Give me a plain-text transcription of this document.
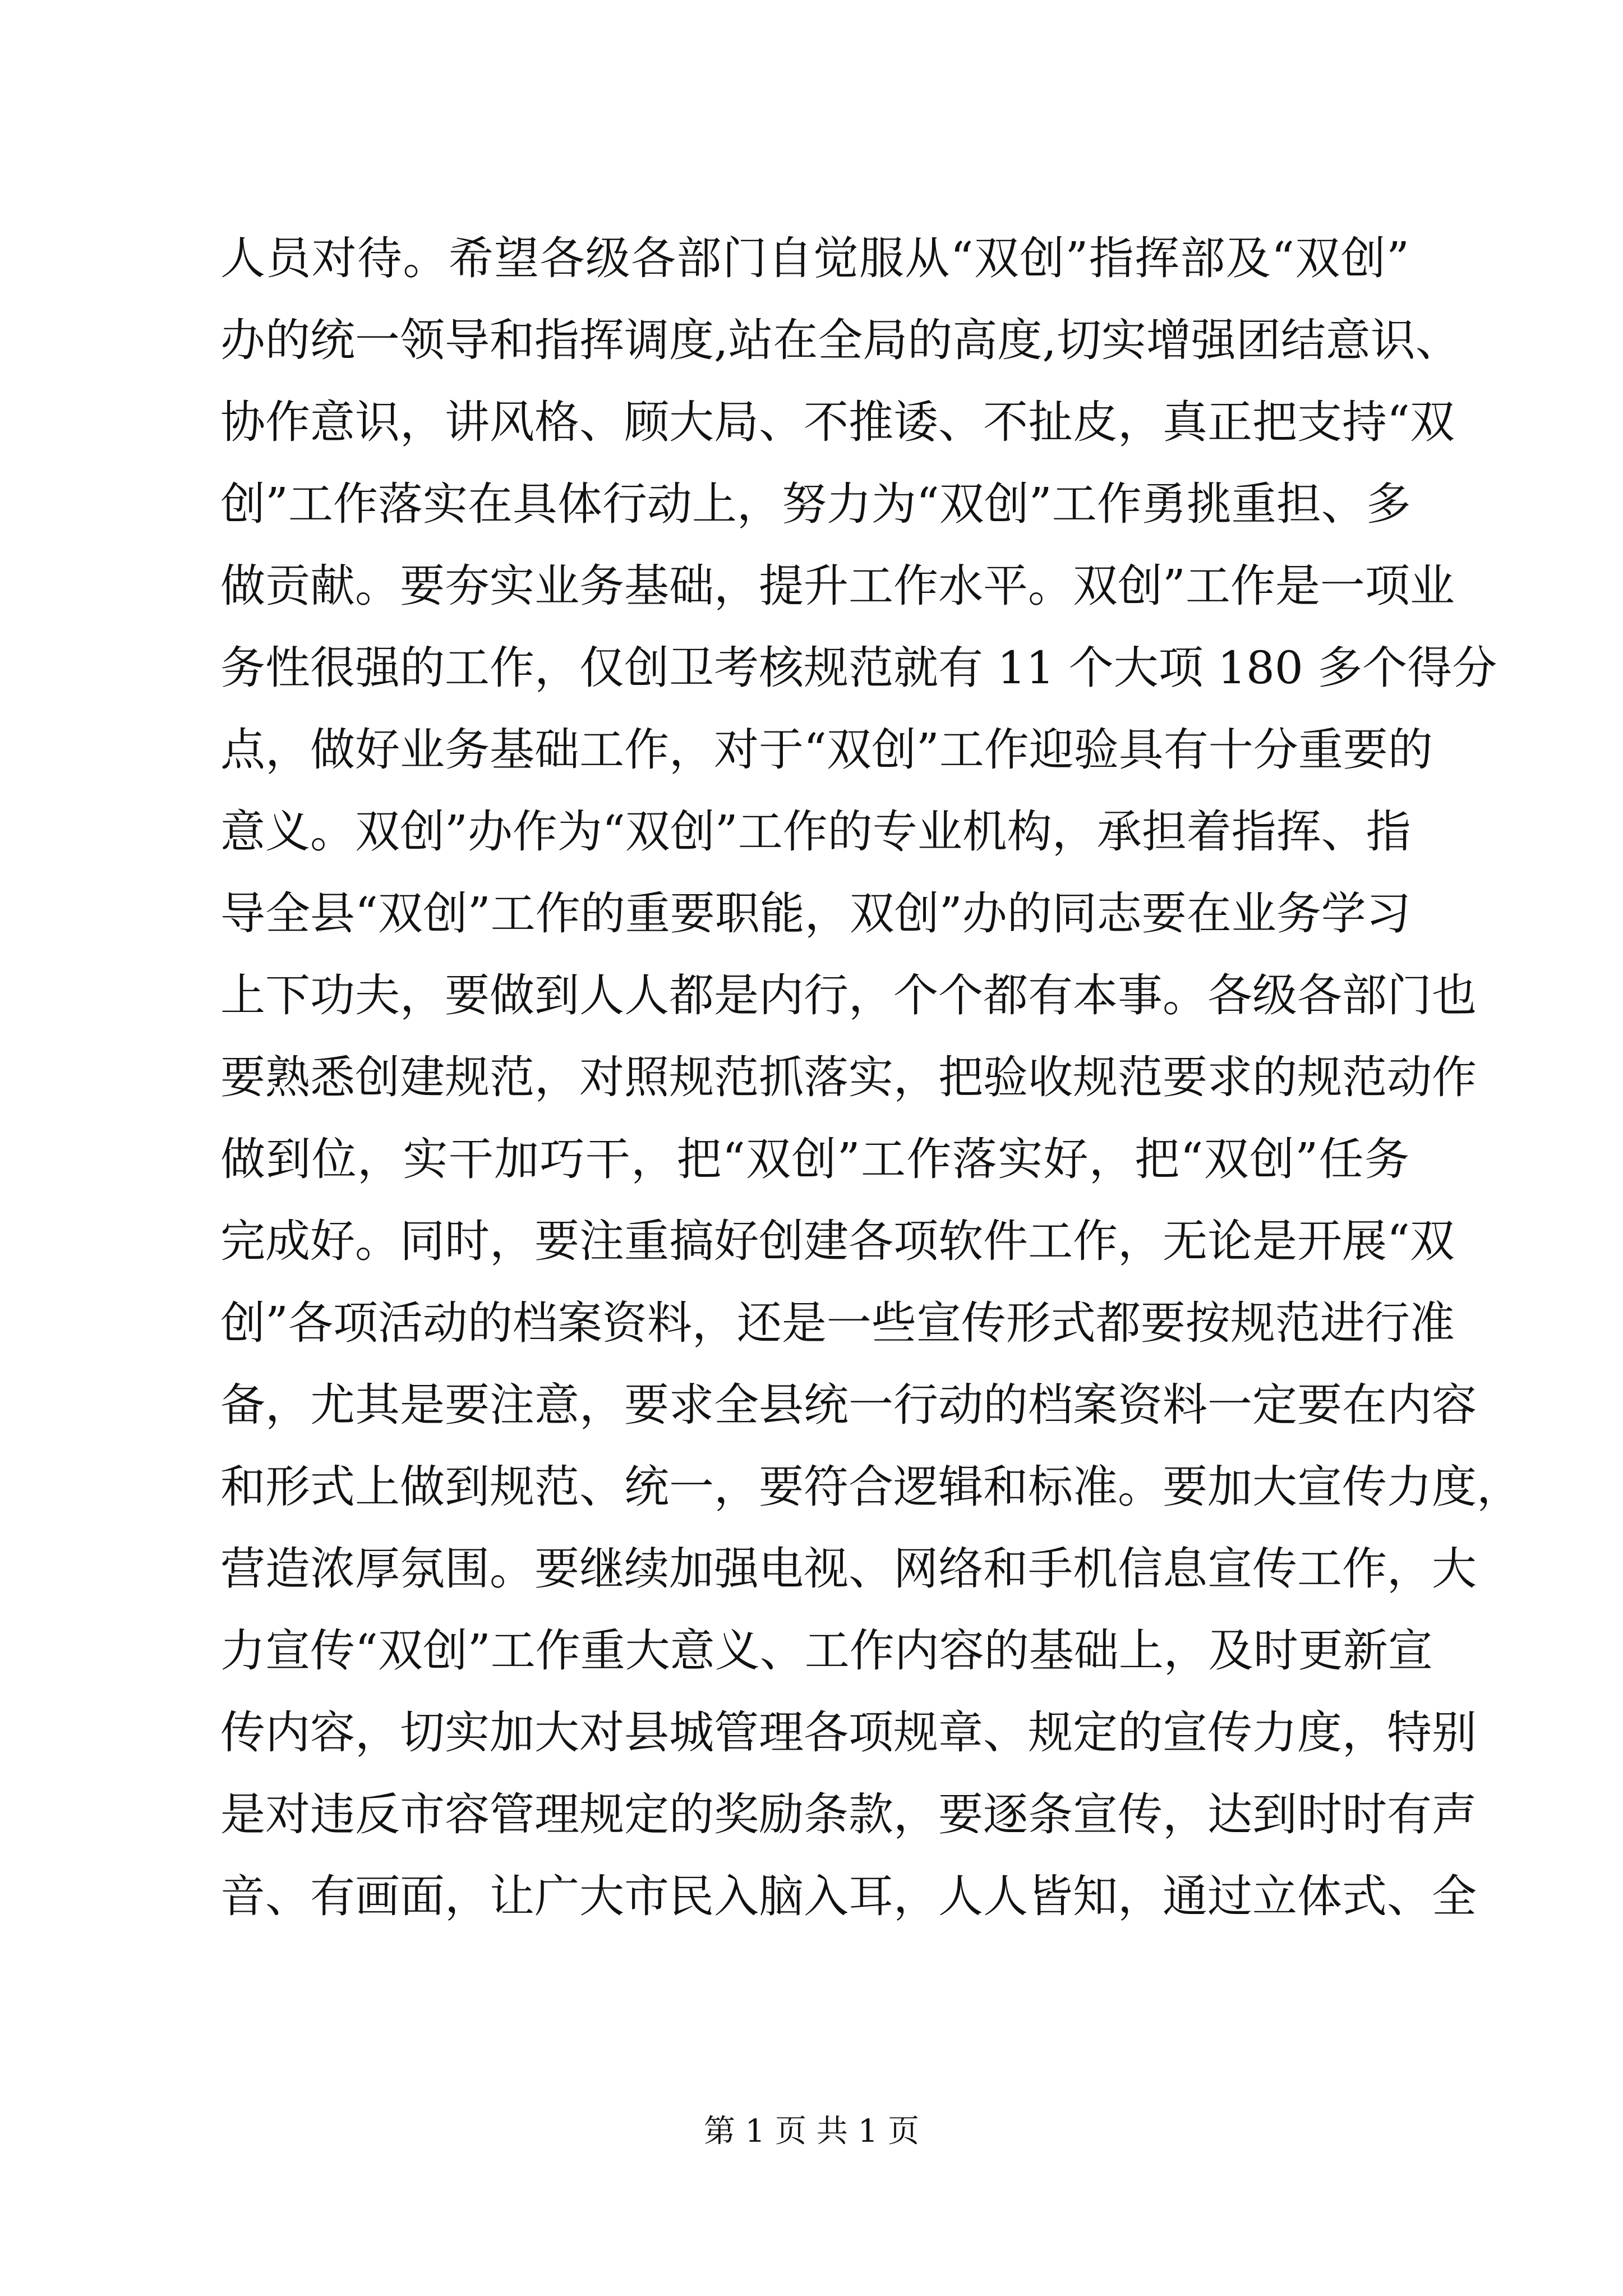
人员对待。希望各级各部门自觉服从“双创”指挥部及“双创”
办的统一领导和指挥调度,站在全局的高度,切实增强团结意识、
协作意识，讲风格、顾大局、不推诿、不扯皮，真正把支持“双
创”工作落实在具体行动上，努力为“双创”工作勇挑重担、多
做贡献。要夯实业务基础，提升工作水平。双创”工作是一项业
务性很强的工作，仅创卫考核规范就有 11 个大项 180 多个得分
点，做好业务基础工作，对于“双创”工作迎验具有十分重要的
意义。双创”办作为“双创”工作的专业机构，承担着指挥、指
导全县“双创”工作的重要职能，双创”办的同志要在业务学习
上下功夫，要做到人人都是内行，个个都有本事。各级各部门也
要熟悉创建规范，对照规范抓落实，把验收规范要求的规范动作
做到位，实干加巧干，把“双创”工作落实好，把“双创”任务
完成好。同时，要注重搞好创建各项软件工作，无论是开展“双
创”各项活动的档案资料，还是一些宣传形式都要按规范进行准
备，尤其是要注意，要求全县统一行动的档案资料一定要在内容
和形式上做到规范、统一，要符合逻辑和标准。要加大宣传力度，
营造浓厚氛围。要继续加强电视、网络和手机信息宣传工作，大
力宣传“双创”工作重大意义、工作内容的基础上，及时更新宣
传内容，切实加大对县城管理各项规章、规定的宣传力度，特别
是对违反市容管理规定的奖励条款，要逐条宣传，达到时时有声
音、有画面，让广大市民入脑入耳，人人皆知，通过立体式、全
第 1 页 共 1 页
